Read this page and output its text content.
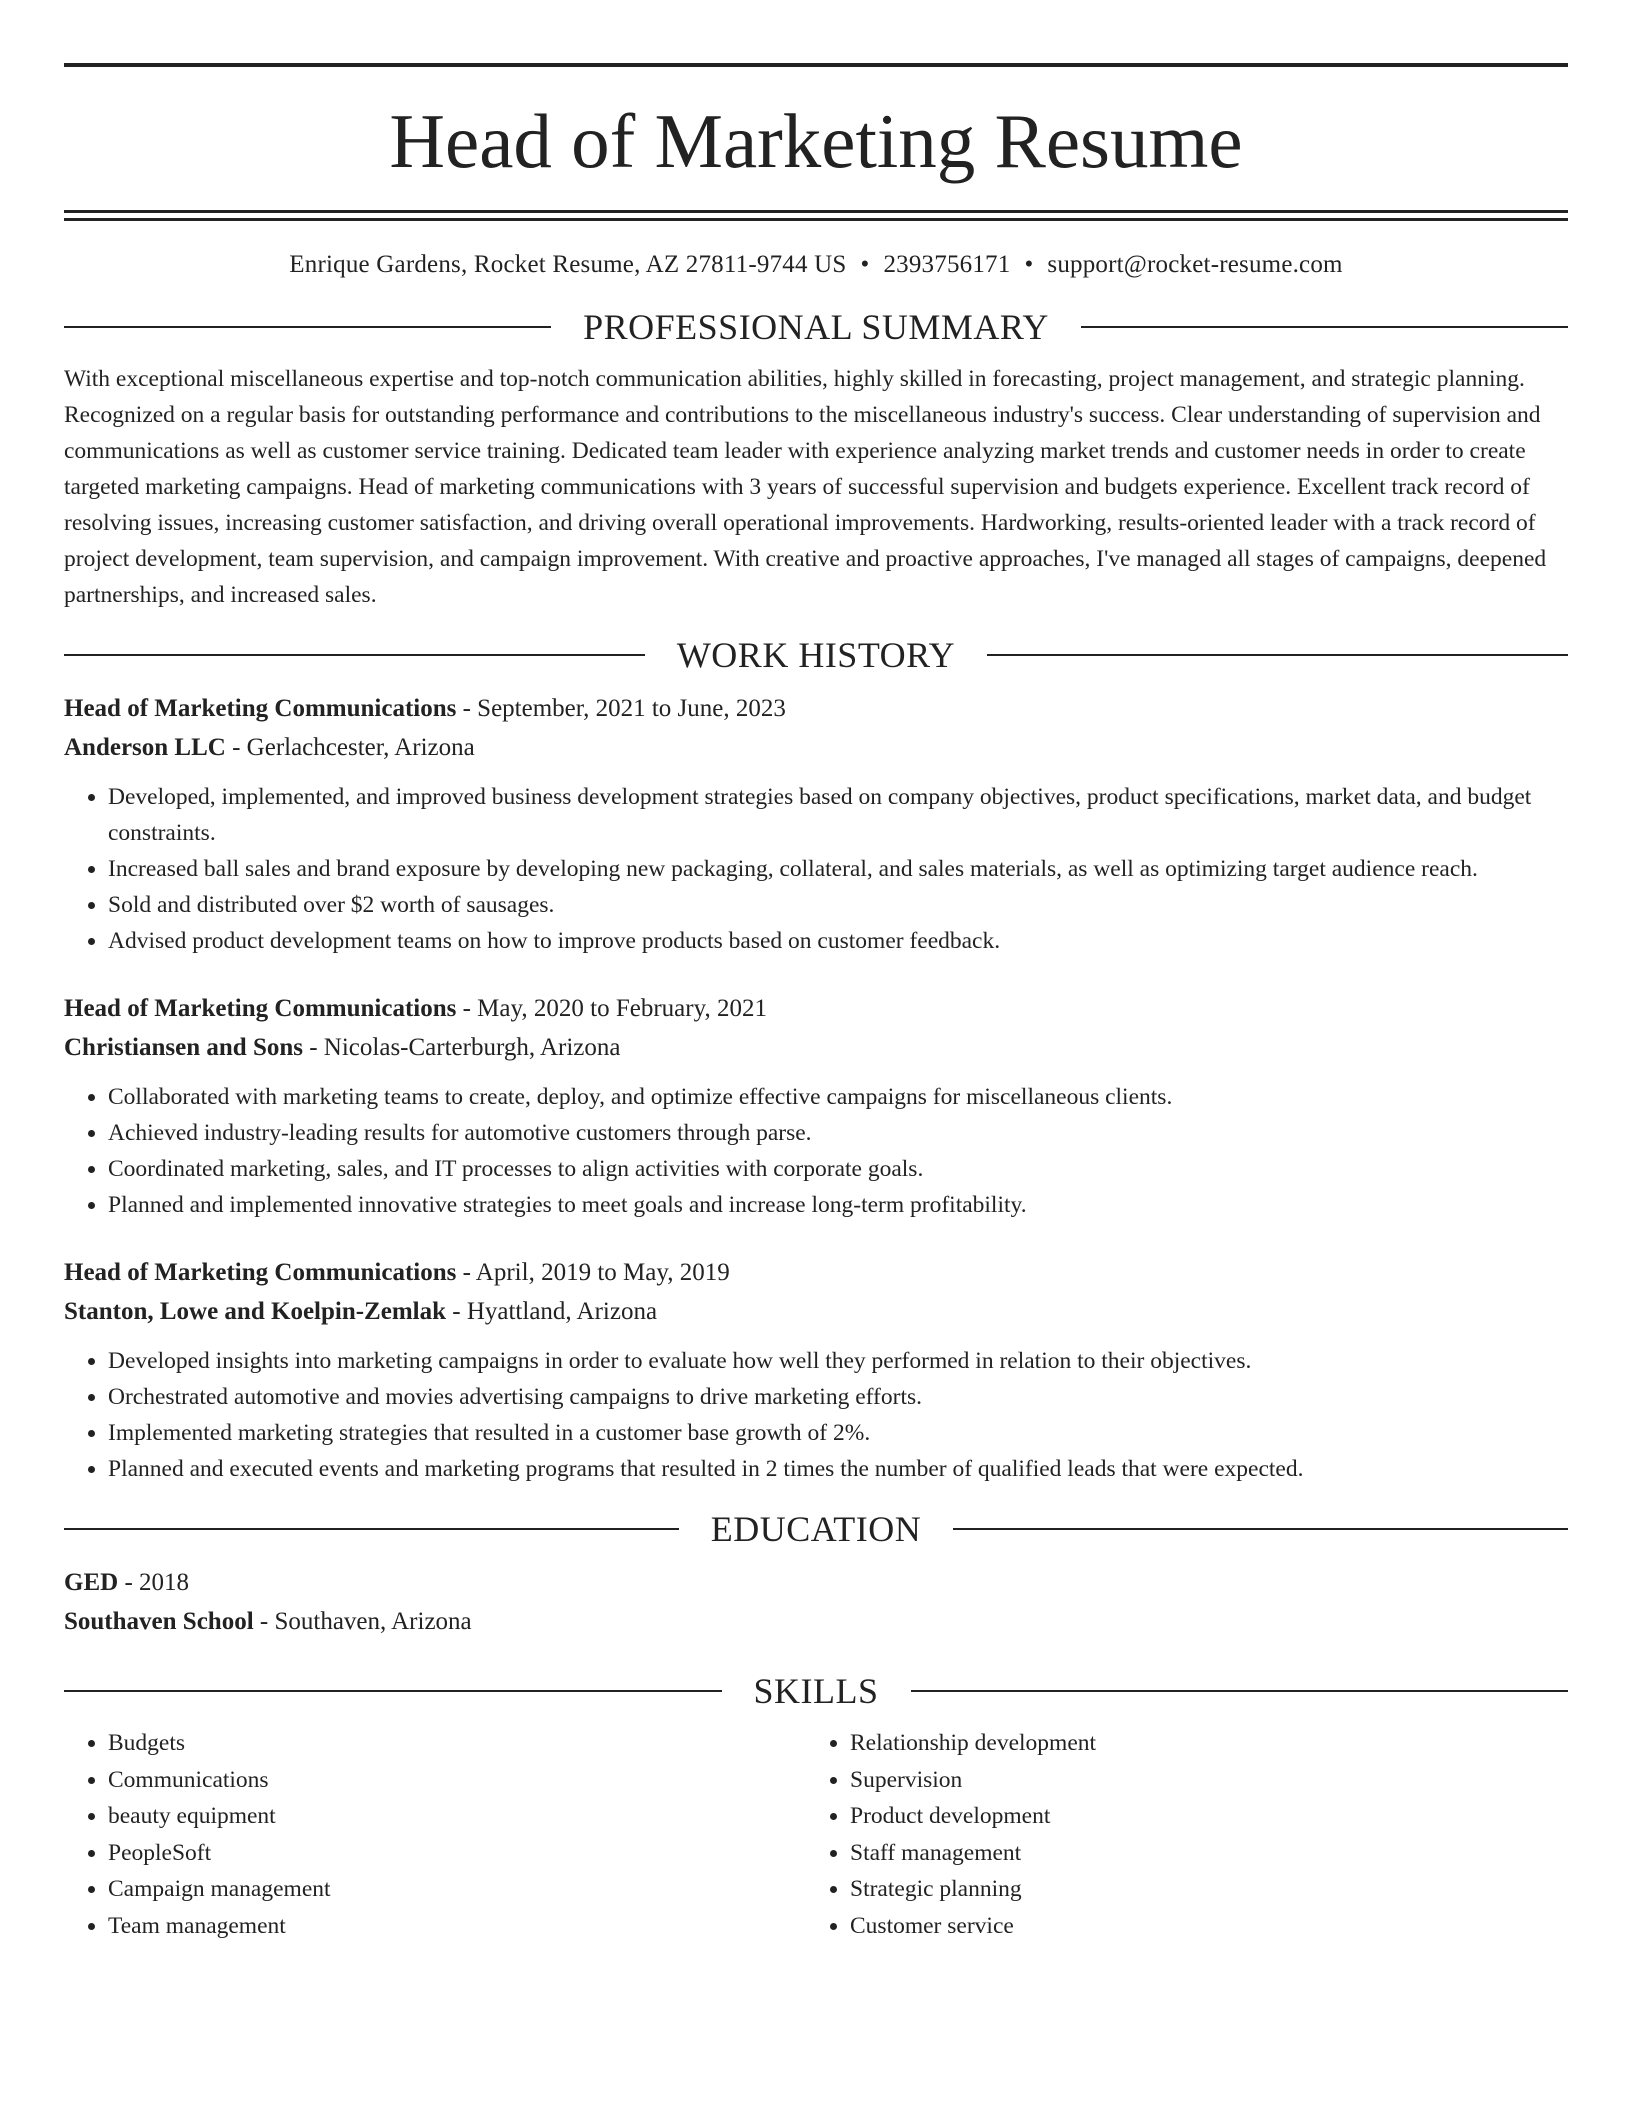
Head of Marketing Resume
Enrique Gardens, Rocket Resume, AZ 27811-9744 US • 2393756171 • support@rocket-resume.com
PROFESSIONAL SUMMARY
With exceptional miscellaneous expertise and top-notch communication abilities, highly skilled in forecasting, project management, and strategic planning. Recognized on a regular basis for outstanding performance and contributions to the miscellaneous industry's success. Clear understanding of supervision and communications as well as customer service training. Dedicated team leader with experience analyzing market trends and customer needs in order to create targeted marketing campaigns. Head of marketing communications with 3 years of successful supervision and budgets experience. Excellent track record of resolving issues, increasing customer satisfaction, and driving overall operational improvements. Hardworking, results-oriented leader with a track record of project development, team supervision, and campaign improvement. With creative and proactive approaches, I've managed all stages of campaigns, deepened partnerships, and increased sales.
WORK HISTORY
Head of Marketing Communications - September, 2021 to June, 2023
Anderson LLC - Gerlachcester, Arizona
• Developed, implemented, and improved business development strategies based on company objectives, product specifications, market data, and budget constraints.
• Increased ball sales and brand exposure by developing new packaging, collateral, and sales materials, as well as optimizing target audience reach.
• Sold and distributed over $2 worth of sausages.
• Advised product development teams on how to improve products based on customer feedback.
Head of Marketing Communications - May, 2020 to February, 2021
Christiansen and Sons - Nicolas-Carterburgh, Arizona
• Collaborated with marketing teams to create, deploy, and optimize effective campaigns for miscellaneous clients.
• Achieved industry-leading results for automotive customers through parse.
• Coordinated marketing, sales, and IT processes to align activities with corporate goals.
• Planned and implemented innovative strategies to meet goals and increase long-term profitability.
Head of Marketing Communications - April, 2019 to May, 2019
Stanton, Lowe and Koelpin-Zemlak - Hyattland, Arizona
• Developed insights into marketing campaigns in order to evaluate how well they performed in relation to their objectives.
• Orchestrated automotive and movies advertising campaigns to drive marketing efforts.
• Implemented marketing strategies that resulted in a customer base growth of 2%.
• Planned and executed events and marketing programs that resulted in 2 times the number of qualified leads that were expected.
EDUCATION
GED - 2018
Southaven School - Southaven, Arizona
SKILLS
• Budgets
• Communications
• beauty equipment
• PeopleSoft
• Campaign management
• Team management
• Relationship development
• Supervision
• Product development
• Staff management
• Strategic planning
• Customer service
